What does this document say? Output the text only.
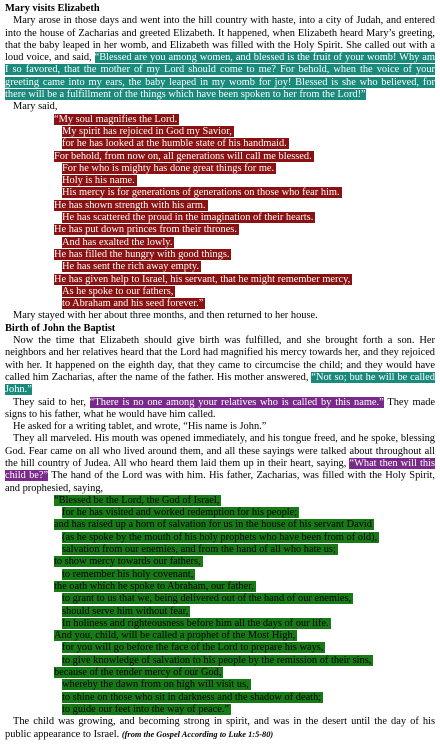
Mary visits Elizabeth

Mary arose in those days and went into the hill country with haste, into a city of Judah, and entered into the house of Zacharias and greeted Elizabeth. It happened, when Elizabeth heard Mary’s greeting, that the baby leaped in her womb, and Elizabeth was filled with the Holy Spirit. She called out with a loud voice, and said, “Blessed are you among women, and blessed is the fruit of your womb! Why am I so favored, that the mother of my Lord should come to me? For behold, when the voice of your greeting came into my ears, the baby leaped in my womb for joy! Blessed is she who believed, for there will be a fulfillment of the things which have been spoken to her from the Lord!”

Mary said,

“My soul magnifies the Lord.
My spirit has rejoiced in God my Savior,
for he has looked at the humble state of his handmaid.
For behold, from now on, all generations will call me blessed.
For he who is mighty has done great things for me.
Holy is his name.
His mercy is for generations of generations on those who fear him.
He has shown strength with his arm.
He has scattered the proud in the imagination of their hearts.
He has put down princes from their thrones.
And has exalted the lowly.
He has filled the hungry with good things.
He has sent the rich away empty.
He has given help to Israel, his servant, that he might remember mercy,
As he spoke to our fathers,
to Abraham and his seed forever.”

Mary stayed with her about three months, and then returned to her house.

Birth of John the Baptist

Now the time that Elizabeth should give birth was fulfilled, and she brought forth a son. Her neighbors and her relatives heard that the Lord had magnified his mercy towards her, and they rejoiced with her. It happened on the eighth day, that they came to circumcise the child; and they would have called him Zacharias, after the name of the father. His mother answered, “Not so; but he will be called John.”

They said to her, “There is no one among your relatives who is called by this name.” They made signs to his father, what he would have him called.

He asked for a writing tablet, and wrote, “His name is John.”

They all marveled. His mouth was opened immediately, and his tongue freed, and he spoke, blessing God. Fear came on all who lived around them, and all these sayings were talked about throughout all the hill country of Judea. All who heard them laid them up in their heart, saying, “What then will this child be?” The hand of the Lord was with him. His father, Zacharias, was filled with the Holy Spirit, and prophesied, saying,

“Blessed be the Lord, the God of Israel,
for he has visited and worked redemption for his people;
and has raised up a horn of salvation for us in the house of his servant David
(as he spoke by the mouth of his holy prophets who have been from of old),
salvation from our enemies, and from the hand of all who hate us;
to show mercy towards our fathers,
to remember his holy covenant,
the oath which he spoke to Abraham, our father,
to grant to us that we, being delivered out of the hand of our enemies,
should serve him without fear,
In holiness and righteousness before him all the days of our life.
And you, child, will be called a prophet of the Most High,
for you will go before the face of the Lord to prepare his ways,
to give knowledge of salvation to his people by the remission of their sins,
because of the tender mercy of our God,
whereby the dawn from on high will visit us,
to shine on those who sit in darkness and the shadow of death;
to guide our feet into the way of peace.”

The child was growing, and becoming strong in spirit, and was in the desert until the day of his public appearance to Israel. (from the Gospel According to Luke 1:5-80)
